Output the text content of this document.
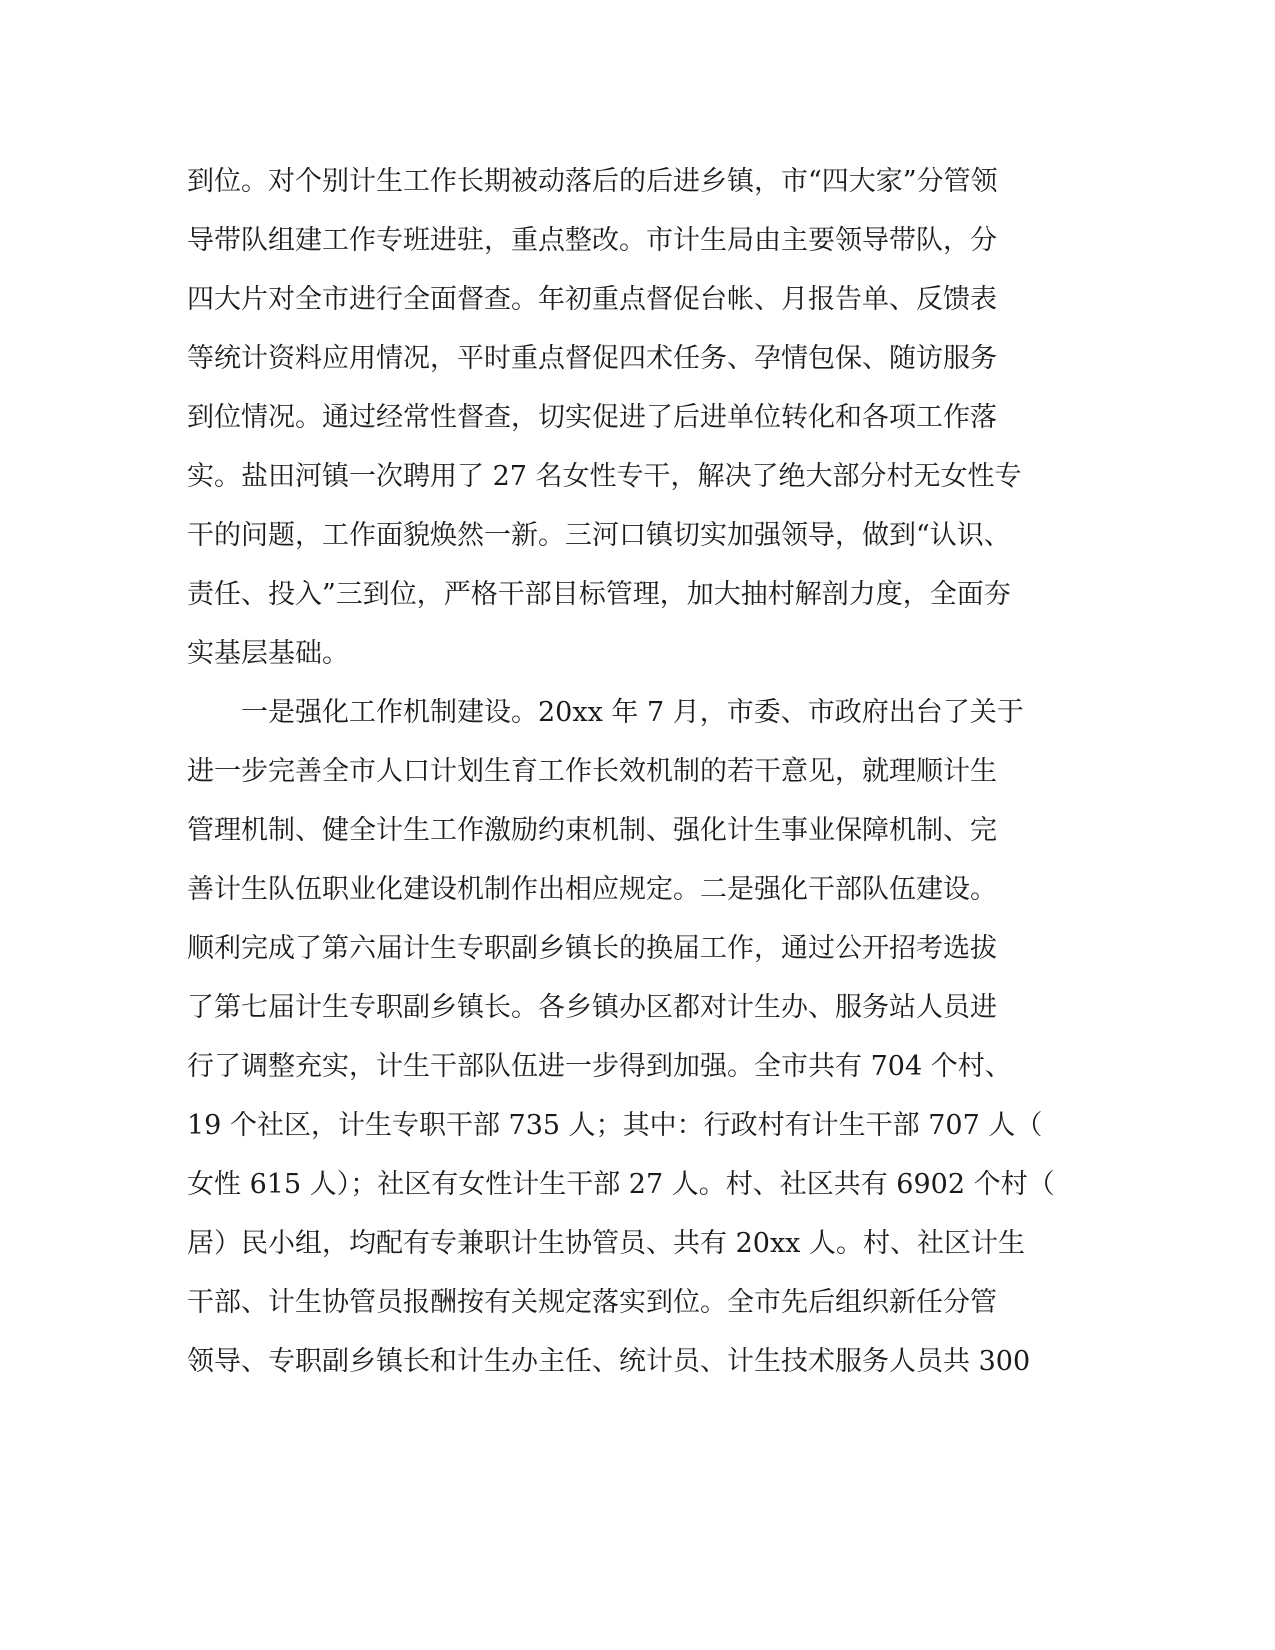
到位。对个别计生工作长期被动落后的后进乡镇，市“四大家”分管领
导带队组建工作专班进驻，重点整改。市计生局由主要领导带队，分
四大片对全市进行全面督查。年初重点督促台帐、月报告单、反馈表
等统计资料应用情况，平时重点督促四术任务、孕情包保、随访服务
到位情况。通过经常性督查，切实促进了后进单位转化和各项工作落
实。盐田河镇一次聘用了 27 名女性专干，解决了绝大部分村无女性专
干的问题，工作面貌焕然一新。三河口镇切实加强领导，做到“认识、
责任、投入”三到位，严格干部目标管理，加大抽村解剖力度，全面夯
实基层基础。
　　一是强化工作机制建设。20xx 年 7 月，市委、市政府出台了关于
进一步完善全市人口计划生育工作长效机制的若干意见，就理顺计生
管理机制、健全计生工作激励约束机制、强化计生事业保障机制、完
善计生队伍职业化建设机制作出相应规定。二是强化干部队伍建设。
顺利完成了第六届计生专职副乡镇长的换届工作，通过公开招考选拔
了第七届计生专职副乡镇长。各乡镇办区都对计生办、服务站人员进
行了调整充实，计生干部队伍进一步得到加强。全市共有 704 个村、
19 个社区，计生专职干部 735 人；其中：行政村有计生干部 707 人（
女性 615 人）；社区有女性计生干部 27 人。村、社区共有 6902 个村（
居）民小组，均配有专兼职计生协管员、共有 20xx 人。村、社区计生
干部、计生协管员报酬按有关规定落实到位。全市先后组织新任分管
领导、专职副乡镇长和计生办主任、统计员、计生技术服务人员共 300
